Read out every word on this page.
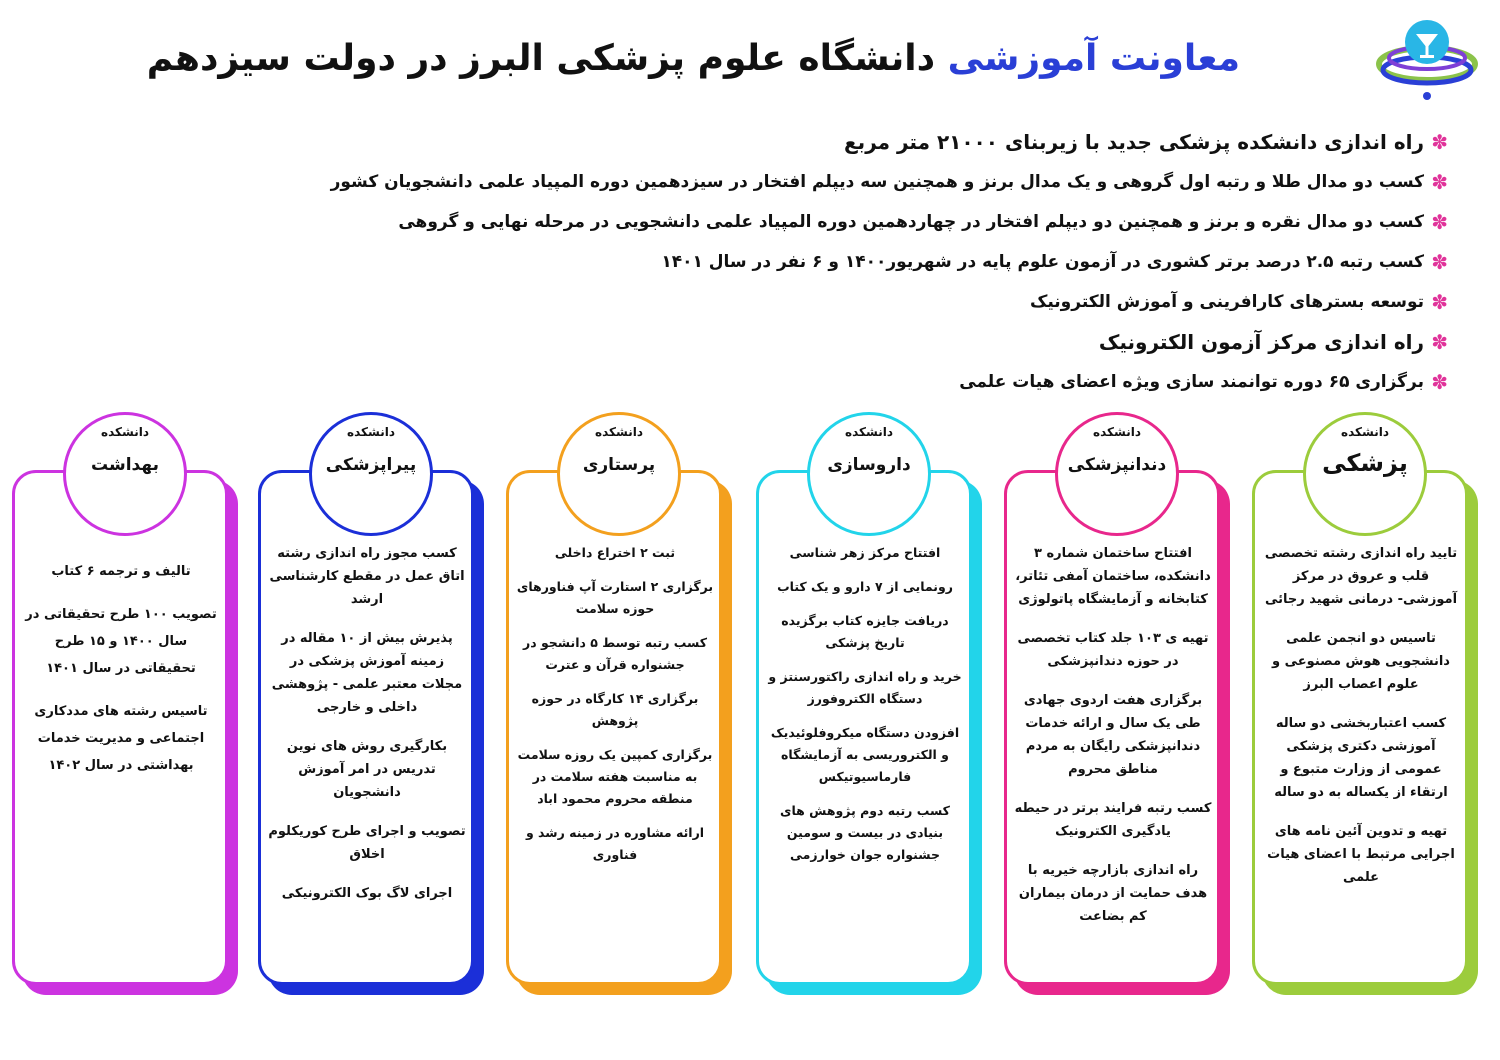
معاونت آموزشی دانشگاه علوم پزشکی البرز در دولت سیزدهم
✽
راه اندازی دانشکده پزشکی جدید با زیربنای ۲۱۰۰۰ متر مربع
✽
کسب دو مدال طلا و رتبه اول گروهی و یک مدال برنز و همچنین سه دیپلم افتخار در سیزدهمین دوره المپیاد علمی دانشجویان کشور
✽
کسب دو مدال نقره و برنز و همچنین دو دیپلم افتخار در چهاردهمین دوره المپیاد علمی دانشجویی در مرحله نهایی و گروهی
✽
کسب رتبه ۲.۵ درصد برتر کشوری در آزمون علوم پایه در شهریور۱۴۰۰ و ۶ نفر در سال ۱۴۰۱
✽
توسعه بسترهای کارافرینی و آموزش الکترونیک
✽
راه اندازی مرکز آزمون الکترونیک
✽
برگزاری ۶۵ دوره توانمند سازی ویژه اعضای هیات علمی
دانشکده
پزشکی

تایید راه اندازی رشته تخصصی قلب و عروق در مرکز آموزشی- درمانی شهید رجائی

تاسیس دو انجمن علمی دانشجویی هوش مصنوعی و علوم اعصاب البرز

کسب اعتباربخشی دو ساله آموزشی دکتری پزشکی عمومی از وزارت متبوع و ارتقاء از یکساله به دو ساله

تهیه و تدوین آئین نامه های اجرایی مرتبط با اعضای هیات علمی

دانشکده
دندانپزشکی

افتتاح ساختمان شماره ۳ دانشکده، ساختمان آمفی تئاتر، کتابخانه و آزمایشگاه پاتولوژی

تهیه ی ۱۰۳ جلد کتاب تخصصی در حوزه دندانپزشکی

برگزاری هفت اردوی جهادی طی یک سال و ارائه خدمات دندانپزشکی رایگان به مردم مناطق محروم

کسب رتبه فرایند برتر در حیطه یادگیری الکترونیک

راه اندازی بازارچه خیریه با هدف حمایت از درمان بیماران کم بضاعت

دانشکده
داروسازی

افتتاح مرکز زهر شناسی

رونمایی از ۷ دارو و یک کتاب

دریافت جایزه کتاب برگزیده تاریخ پزشکی

خرید و راه اندازی راکتورسنتز و دستگاه الکتروفورز

افزودن دستگاه میکروفلوئیدیک و الکتروریسی به آزمایشگاه فارماسیوتیکس

کسب رتبه دوم پژوهش های بنیادی در بیست و سومین جشنواره جوان خوارزمی

دانشکده
پرستاری

ثبت ۲ اختراع داخلی

برگزاری ۲ استارت آپ فناورهای حوزه سلامت

کسب رتبه توسط ۵ دانشجو در جشنواره قرآن و عترت

برگزاری ۱۴ کارگاه در حوزه پژوهش

برگزاری کمپین یک روزه سلامت به مناسبت هفته سلامت در منطقه محروم محمود اباد

ارائه مشاوره در زمینه رشد و فناوری

دانشکده
پیراپزشکی

کسب مجوز راه اندازی رشته اتاق عمل در مقطع کارشناسی ارشد

پذیرش بیش از ۱۰ مقاله در زمینه آموزش پزشکی در مجلات معتبر علمی - پژوهشی داخلی و خارجی

بکارگیری روش های نوین تدریس در امر آموزش دانشجویان

تصویب و اجرای طرح کوریکلوم اخلاق

اجرای لاگ بوک الکترونیکی

دانشکده
بهداشت

تالیف و ترجمه ۶ کتاب

تصویب ۱۰۰ طرح تحقیقاتی در سال ۱۴۰۰ و ۱۵ طرح تحقیقاتی در سال ۱۴۰۱

تاسیس رشته های مددکاری اجتماعی و مدیریت خدمات بهداشتی در سال ۱۴۰۲
